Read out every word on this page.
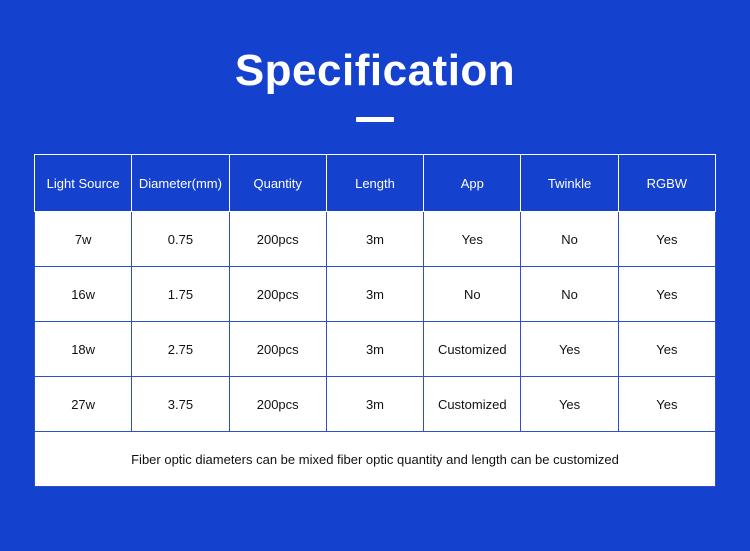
Specification
Light Source	Diameter(mm)	Quantity	Length	App	Twinkle	RGBW
7w	0.75	200pcs	3m	Yes	No	Yes
16w	1.75	200pcs	3m	No	No	Yes
18w	2.75	200pcs	3m	Customized	Yes	Yes
27w	3.75	200pcs	3m	Customized	Yes	Yes
Fiber optic diameters can be mixed fiber optic quantity and length can be customized						
